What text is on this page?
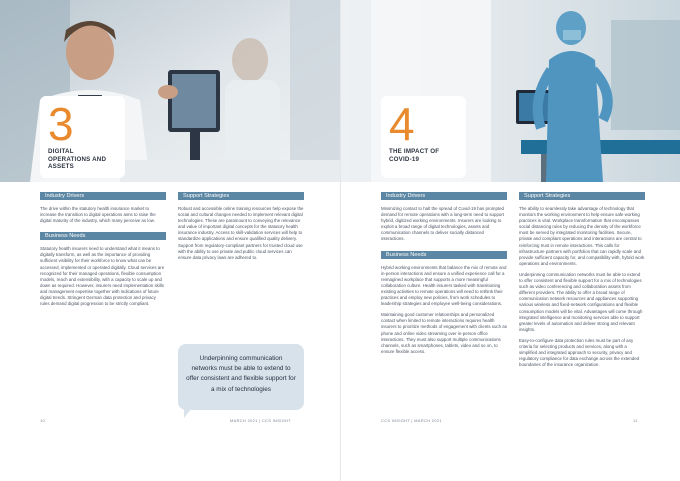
3
DIGITAL OPERATIONS AND ASSETS
Industry Drivers

The drive within the statutory health insurance market to increase the transition to digital operations aims to raise the digital maturity of the industry, which many perceive as low.

Business Needs

Statutory health insurers need to understand what it means to digitally transform, as well as the importance of providing sufficient visibility for their workforce to know what can be accessed, implemented or operated digitally. Cloud services are recognized for their managed operations, flexible consumption models, reach and extensibility, with a capacity to scale up and down as required. However, insurers need implementation skills and management expertise together with indications of future digital trends. Stringent German data protection and privacy rules demand digital progression to be strictly compliant.

Support Strategies

Robust and accessible online training resources help expose the social and cultural changes needed to implement relevant digital technologies. These are paramount to conveying the relevance and value of important digital concepts for the statutory health insurance industry. Access to skill-validation services will help to standardize applications and ensure qualified quality delivery. Support from regulatory-compliant partners for trusted cloud use with the ability to use private and public cloud services can ensure data privacy laws are adhered to.

Underpinning communication networks must be able to extend to offer consistent and flexible support for a mix of technologies
10	MARCH 2021 | CCS INSIGHT
4
THE IMPACT OF COVID-19
Industry Drivers

Minimizing contact to halt the spread of Covid-19 has prompted demand for remote operations with a long-term need to support hybrid, digitized working environments. Insurers are looking to exploit a broad range of digital technologies, assets and communication channels to deliver socially distanced interactions.

Business Needs

Hybrid working environments that balance the mix of remote and in-person interactions and ensure a unified experience call for a reimagined workplace that supports a more meaningful collaboration culture. Health insurers tasked with transitioning existing activities to remote operations will need to rethink their practices and employ new policies, from work schedules to leadership strategies and employee well-being considerations.

Maintaining good customer relationships and personalized contact when limited to remote interactions requires health insurers to prioritize methods of engagement with clients such as phone and online video streaming over in-person office interactions. They must also support multiple communications channels, such as smartphones, tablets, video and so on, to ensure flexible access.

Support Strategies

The ability to seamlessly take advantage of technology that monitors the working environment to help ensure safe working practices is vital. Workplace transformation that encompasses social distancing rules by reducing the density of the workforce must be served by integrated monitoring facilities. Secure, private and compliant operations and interactions are central to reinforcing trust in remote interactions. This calls for infrastructure partners with portfolios that can rapidly scale and provide sufficient capacity for, and compatibility with, hybrid work operations and environments.

Underpinning communication networks must be able to extend to offer consistent and flexible support for a mix of technologies such as video conferencing and collaboration assets from different providers. The ability to offer a broad range of communication network resources and appliances supporting various wireless and fixed-network configurations and flexible consumption models will be vital. Advantages will come through integrated intelligence and monitoring services able to support greater levels of automation and deliver strong and relevant insights.

Easy-to-configure data protection rules must be part of any criteria for selecting products and services, along with a simplified and integrated approach to security, privacy and regulatory compliance for data exchange across the extended boundaries of the insurance organization.

CCS INSIGHT | MARCH 2021	11
